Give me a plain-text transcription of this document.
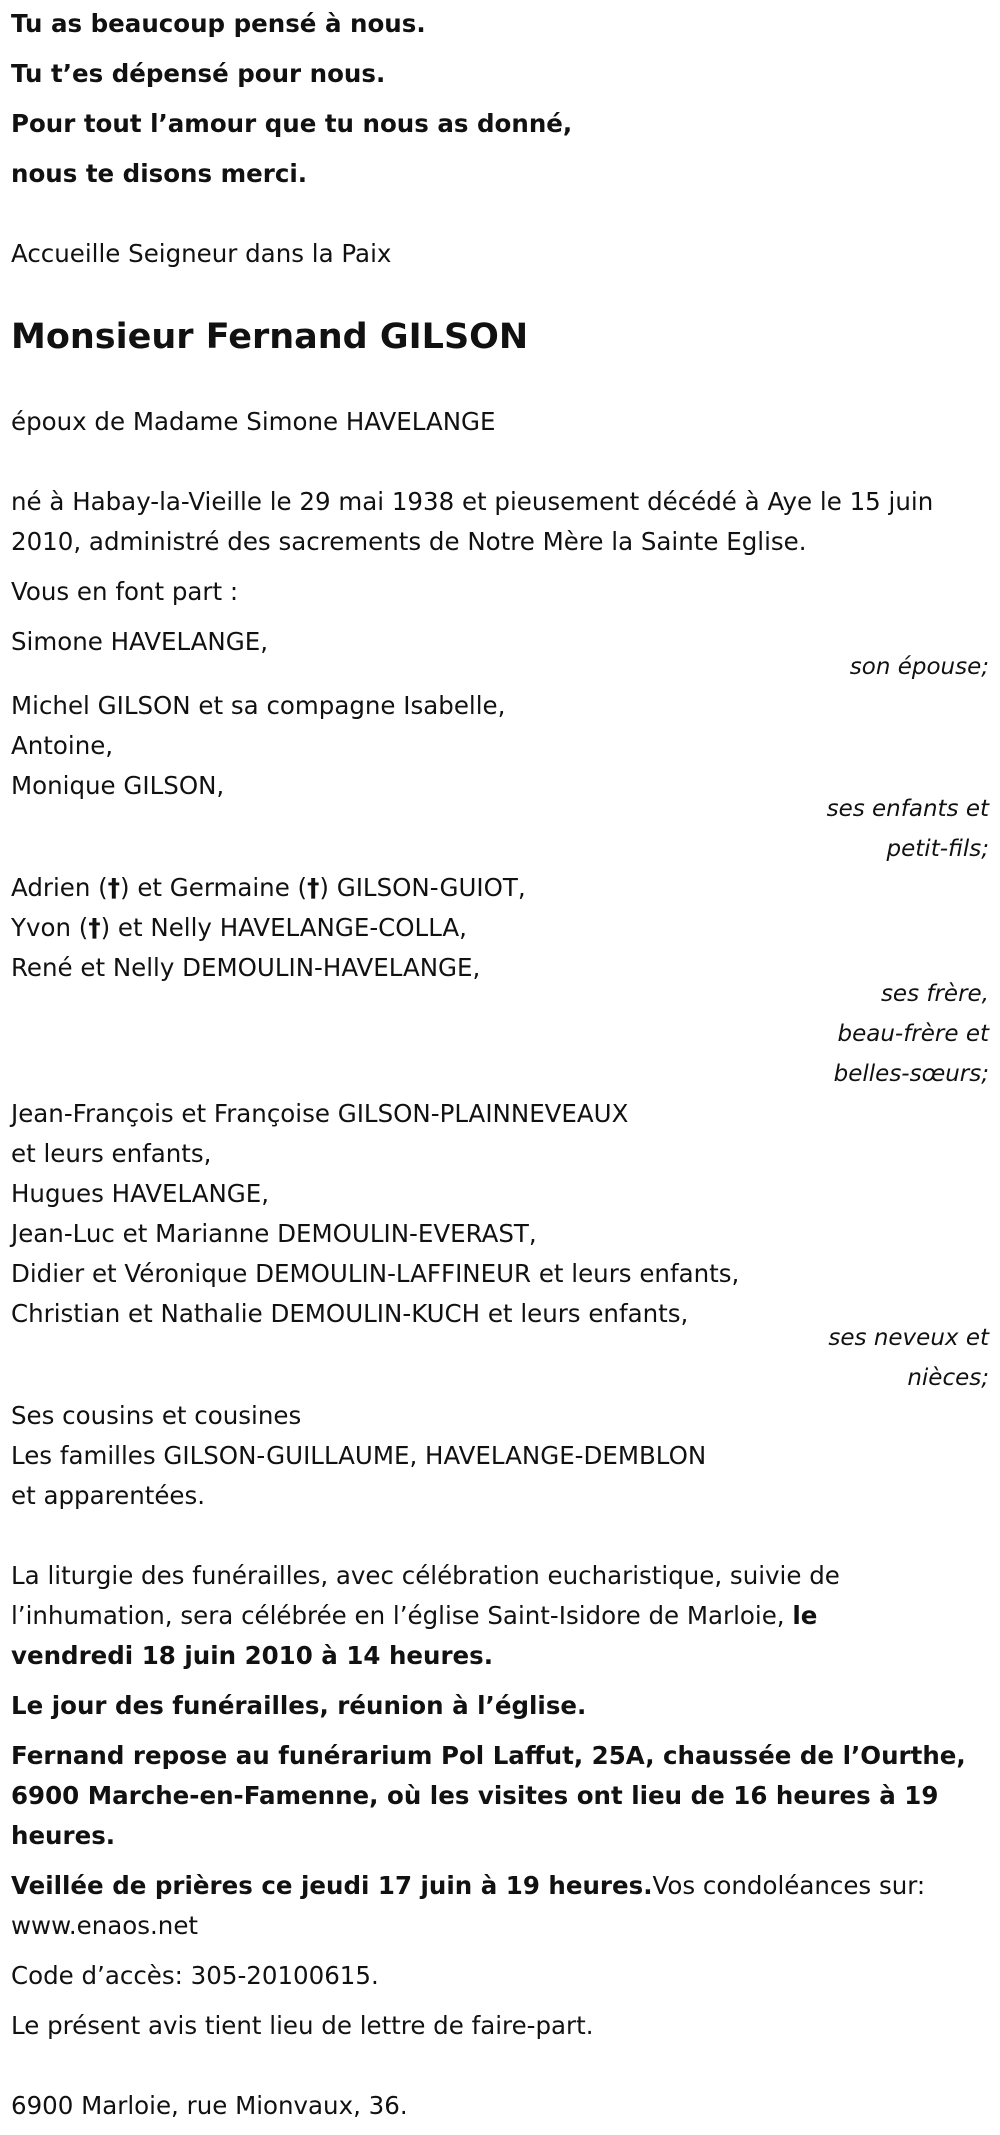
Tu as beaucoup pensé à nous.

Tu t’es dépensé pour nous.

Pour tout l’amour que tu nous as donné,

nous te disons merci.

Accueille Seigneur dans la Paix

Monsieur Fernand GILSON

époux de Madame Simone HAVELANGE

né à Habay-la-Vieille le 29 mai 1938 et pieusement décédé à Aye le 15 juin

2010, administré des sacrements de Notre Mère la Sainte Eglise.

Vous en font part :

Simone HAVELANGE,

son épouse;

Michel GILSON et sa compagne Isabelle,

Antoine,

Monique GILSON,

ses enfants et

petit-fils;

Adrien (†) et Germaine (†) GILSON-GUIOT,

Yvon (†) et Nelly HAVELANGE-COLLA,

René et Nelly DEMOULIN-HAVELANGE,

ses frère,

beau-frère et

belles-sœurs;

Jean-François et Françoise GILSON-PLAINNEVEAUX

et leurs enfants,

Hugues HAVELANGE,

Jean-Luc et Marianne DEMOULIN-EVERAST,

Didier et Véronique DEMOULIN-LAFFINEUR et leurs enfants,

Christian et Nathalie DEMOULIN-KUCH et leurs enfants,

ses neveux et

nièces;

Ses cousins et cousines

Les familles GILSON-GUILLAUME, HAVELANGE-DEMBLON

et apparentées.

La liturgie des funérailles, avec célébration eucharistique, suivie de

l’inhumation, sera célébrée en l’église Saint-Isidore de Marloie, le

vendredi 18 juin 2010 à 14 heures.

Le jour des funérailles, réunion à l’église.

Fernand repose au funérarium Pol Laffut, 25A, chaussée de l’Ourthe,

6900 Marche-en-Famenne, où les visites ont lieu de 16 heures à 19

heures.

Veillée de prières ce jeudi 17 juin à 19 heures.Vos condoléances sur:

www.enaos.net

Code d’accès: 305-20100615.

Le présent avis tient lieu de lettre de faire-part.

6900 Marloie, rue Mionvaux, 36.
